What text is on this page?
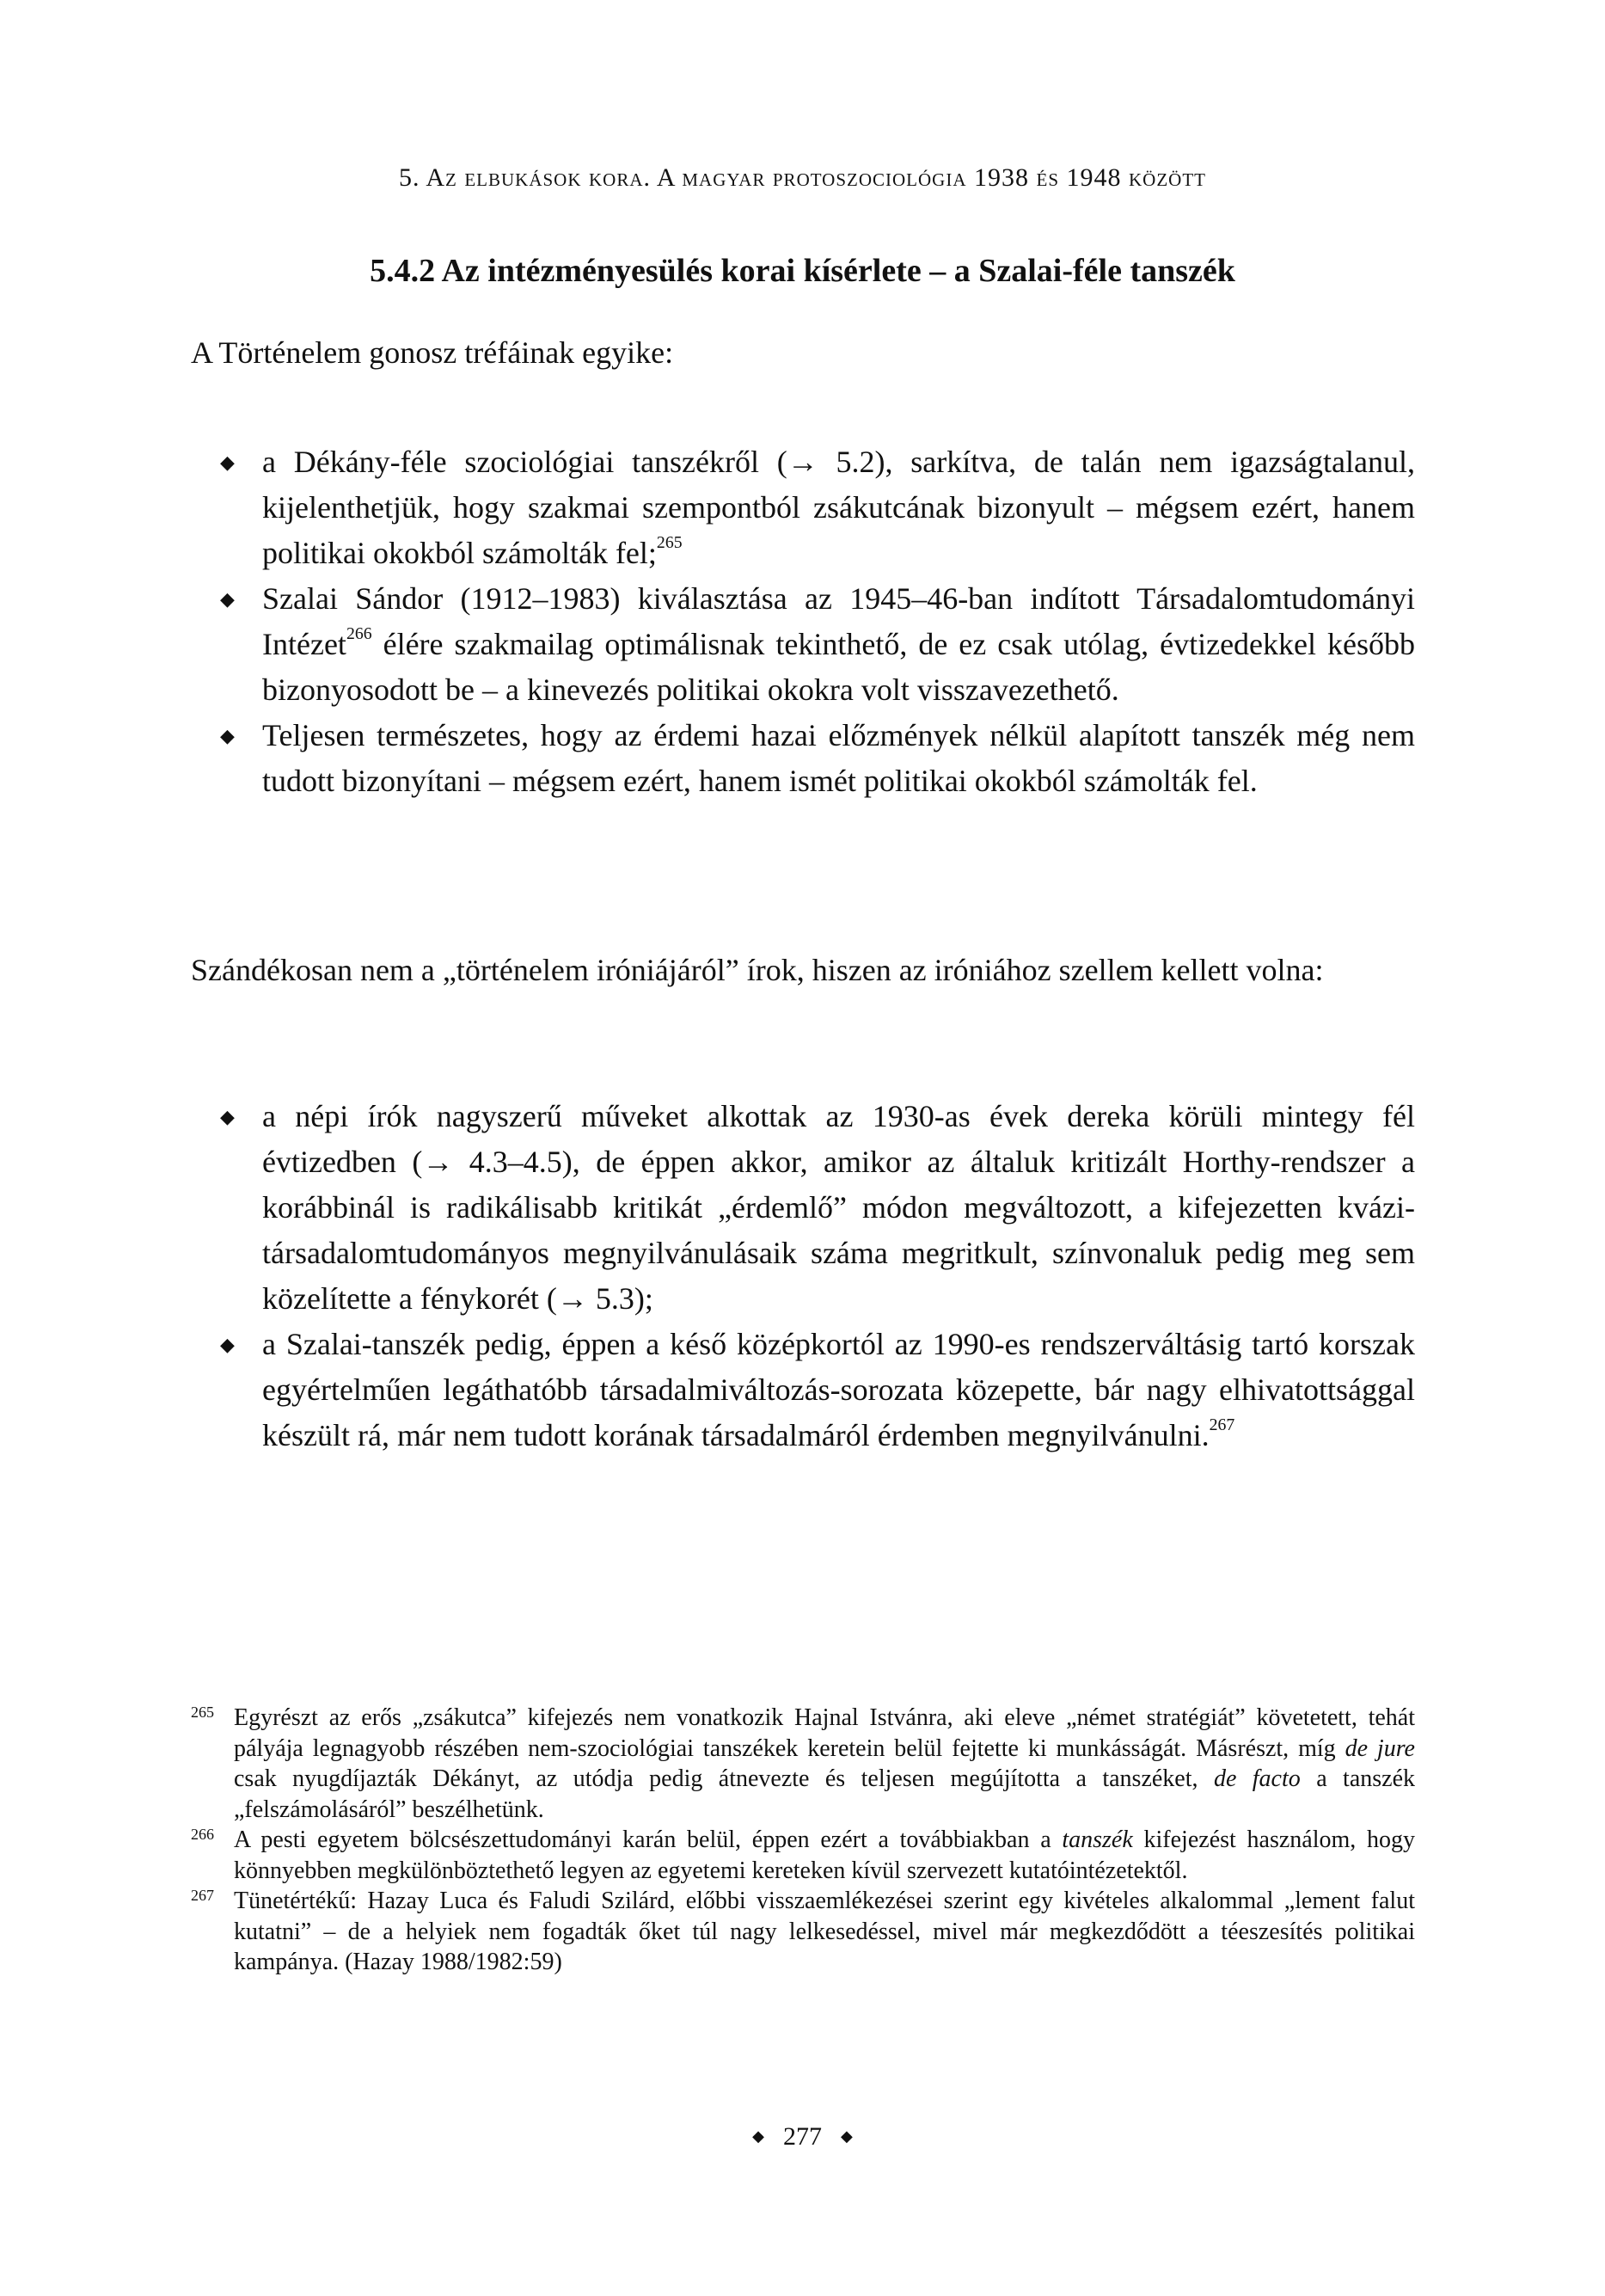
5. Az elbukások kora. A magyar protoszociológia 1938 és 1948 között
5.4.2 Az intézményesülés korai kísérlete – a Szalai-féle tanszék
A Történelem gonosz tréfáinak egyike:
◆ a Dékány-féle szociológiai tanszékről (→ 5.2), sarkítva, de talán nem igazságtalanul, kijelenthetjük, hogy szakmai szempontból zsákutcának bizonyult – mégsem ezért, hanem politikai okokból számolták fel;$^{265}$
◆ Szalai Sándor (1912–1983) kiválasztása az 1945–46-ban indított Társadalomtudományi Intézet$^{266}$ élére szakmailag optimálisnak tekinthető, de ez csak utólag, évtizedekkel később bizonyosodott be – a kinevezés politikai okokra volt visszavezethető.
◆ Teljesen természetes, hogy az érdemi hazai előzmények nélkül alapított tanszék még nem tudott bizonyítani – mégsem ezért, hanem ismét politikai okokból számolták fel.
Szándékosan nem a „történelem iróniájáról” írok, hiszen az iróniához szellem kellett volna:
◆ a népi írók nagyszerű műveket alkottak az 1930-as évek dereka körüli mintegy fél évtizedben (→ 4.3–4.5), de éppen akkor, amikor az általuk kritizált Horthy-rendszer a korábbinál is radikálisabb kritikát „érdemlő” módon megváltozott, a kifejezetten kvázi-társadalomtudományos megnyilvánulásaik száma megritkult, színvonaluk pedig meg sem közelítette a fénykorét (→ 5.3);
◆ a Szalai-tanszék pedig, éppen a késő középkortól az 1990-es rendszerváltásig tartó korszak egyértelműen legáthatóbb társadalmiváltozás-sorozata közepette, bár nagy elhivatottsággal készült rá, már nem tudott korának társadalmáról érdemben megnyilvánulni.$^{267}$
265 Egyrészt az erős „zsákutca” kifejezés nem vonatkozik Hajnal Istvánra, aki eleve „német stratégiát” követetett, tehát pályája legnagyobb részében nem-szociológiai tanszékek keretein belül fejtette ki munkásságát. Másrészt, míg de jure csak nyugdíjazták Dékányt, az utódja pedig átnevezte és teljesen megújította a tanszéket, de facto a tanszék „felszámolásáról” beszélhetünk.
266 A pesti egyetem bölcsészettudományi karán belül, éppen ezért a továbbiakban a tanszék kifejezést használom, hogy könnyebben megkülönböztethető legyen az egyetemi kereteken kívül szervezett kutatóintézetektől.
267 Tünetértékű: Hazay Luca és Faludi Szilárd, előbbi visszaemlékezései szerint egy kivételes alkalommal „lement falut kutatni” – de a helyiek nem fogadták őket túl nagy lelkesedéssel, mivel már megkezdődött a téeszesítés politikai kampánya. (Hazay 1988/1982:59)
◆ 277 ◆
